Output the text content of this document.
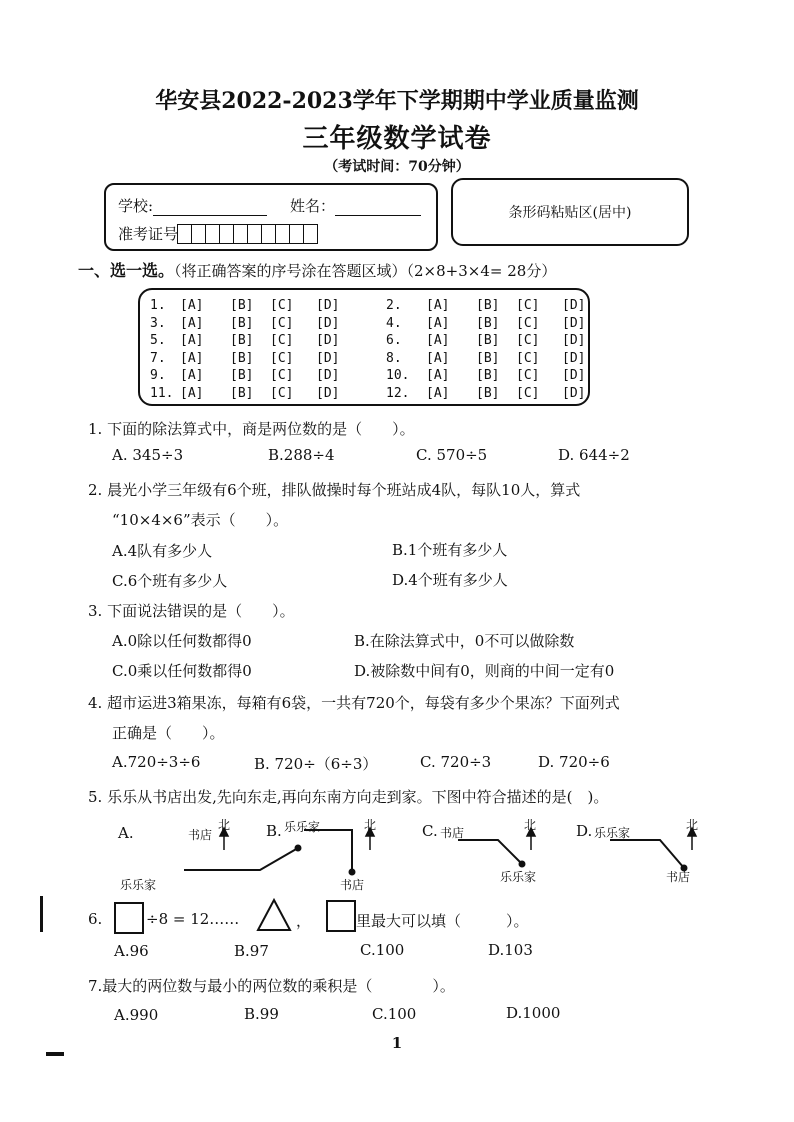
华安县2022-2023学年下学期期中学业质量监测
三年级数学试卷
（考试时间：70分钟）
学校:	姓名：
准考证号
条形码粘贴区(居中)
一、选一选。（将正确答案的序号涂在答题区域）（2×8+3×4= 28分）
1. [A] [B] [C] [D]	2. [A] [B] [C] [D]
3. [A] [B] [C] [D]	4. [A] [B] [C] [D]
5. [A] [B] [C] [D]	6. [A] [B] [C] [D]
7. [A] [B] [C] [D]	8. [A] [B] [C] [D]
9. [A] [B] [C] [D]	10. [A] [B] [C] [D]
11. [A] [B] [C] [D]	12. [A] [B] [C] [D]
1. 下面的除法算式中，商是两位数的是（　　）。
A. 345÷3	B.288÷4	C. 570÷5	D. 644÷2
2. 晨光小学三年级有6个班，排队做操时每个班站成4队，每队10人，算式
“10×4×6”表示（　　）。
A.4队有多少人	B.1个班有多少人
C.6个班有多少人	D.4个班有多少人
3. 下面说法错误的是（　　）。
A.0除以任何数都得0	B.在除法算式中，0不可以做除数
C.0乘以任何数都得0	D.被除数中间有0，则商的中间一定有0
4. 超市运进3箱果冻，每箱有6袋，一共有720个，每袋有多少个果冻？下面列式
正确是（　　）。
A.720÷3÷6	B. 720÷（6÷3）	C. 720÷3	D. 720÷6
5. 乐乐从书店出发,先向东走,再向东南方向走到家。下图中符合描述的是(　)。
A.	书店
北
乐乐家
B. 乐乐家	北
书店
C. 书店
北
乐乐家
D. 乐乐家
北
书店
6.	÷8 = 12……	，	里最大可以填（　　　）。
A.96	B.97	C.100	D.103
7.最大的两位数与最小的两位数的乘积是（　　　　）。
A.990	B.99	C.100	D.1000
1
